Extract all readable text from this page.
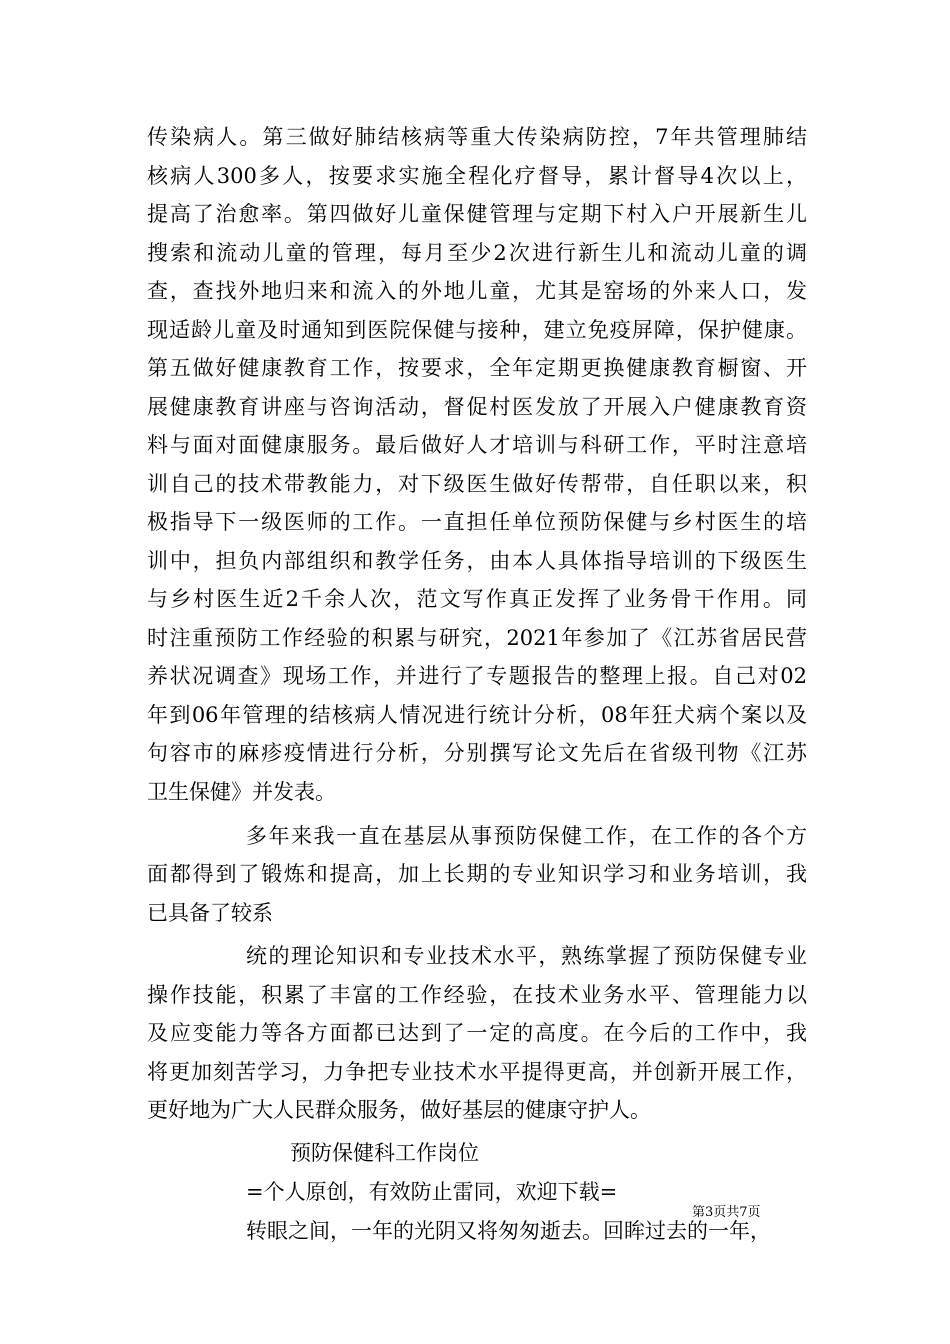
传染病人。第三做好肺结核病等重大传染病防控，7年共管理肺结
核病人300多人，按要求实施全程化疗督导，累计督导4次以上，
提高了治愈率。第四做好儿童保健管理与定期下村入户开展新生儿
搜索和流动儿童的管理，每月至少2次进行新生儿和流动儿童的调
查，查找外地归来和流入的外地儿童，尤其是窑场的外来人口，发
现适龄儿童及时通知到医院保健与接种，建立免疫屏障，保护健康。
第五做好健康教育工作，按要求，全年定期更换健康教育橱窗、开
展健康教育讲座与咨询活动，督促村医发放了开展入户健康教育资
料与面对面健康服务。最后做好人才培训与科研工作，平时注意培
训自己的技术带教能力，对下级医生做好传帮带，自任职以来，积
极指导下一级医师的工作。一直担任单位预防保健与乡村医生的培
训中，担负内部组织和教学任务，由本人具体指导培训的下级医生
与乡村医生近2千余人次，范文写作真正发挥了业务骨干作用。同
时注重预防工作经验的积累与研究，2021年参加了《江苏省居民营
养状况调查》现场工作，并进行了专题报告的整理上报。自己对02
年到06年管理的结核病人情况进行统计分析，08年狂犬病个案以及
句容市的麻疹疫情进行分析，分别撰写论文先后在省级刊物《江苏
卫生保健》并发表。
多年来我一直在基层从事预防保健工作，在工作的各个方
面都得到了锻炼和提高，加上长期的专业知识学习和业务培训，我
已具备了较系
统的理论知识和专业技术水平，熟练掌握了预防保健专业
操作技能，积累了丰富的工作经验，在技术业务水平、管理能力以
及应变能力等各方面都已达到了一定的高度。在今后的工作中，我
将更加刻苦学习，力争把专业技术水平提得更高，并创新开展工作，
更好地为广大人民群众服务，做好基层的健康守护人。
预防保健科工作岗位
=个人原创，有效防止雷同，欢迎下载=
转眼之间，一年的光阴又将匆匆逝去。回眸过去的一年，
第3页共7页
